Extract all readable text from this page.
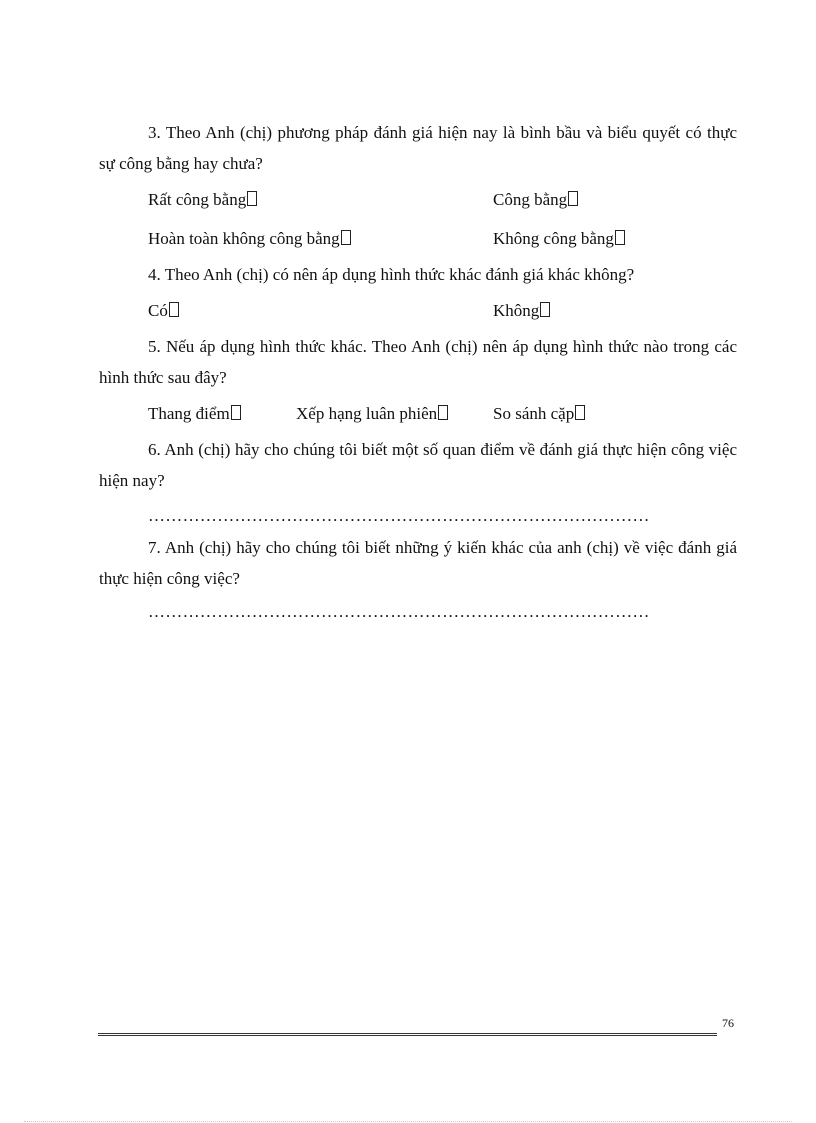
3. Theo Anh (chị) phương pháp đánh giá hiện nay là bình bầu và biểu quyết có thực sự công bằng hay chưa?

Rất công bằng	Công bằng
Hoàn toàn không công bằng	Không công bằng

4. Theo Anh (chị) có nên áp dụng hình thức khác đánh giá khác không?

Có	Không

5. Nếu áp dụng hình thức khác. Theo Anh (chị) nên áp dụng hình thức nào trong các hình thức sau đây?

Thang điểm	Xếp hạng luân phiên	So sánh cặp

6. Anh (chị) hãy cho chúng tôi biết một số quan điểm về đánh giá thực hiện công việc hiện nay?

……………………………………………………………………………

7. Anh (chị) hãy cho chúng tôi biết những ý kiến khác của anh (chị) về việc đánh giá thực hiện công việc?

……………………………………………………………………………
76
